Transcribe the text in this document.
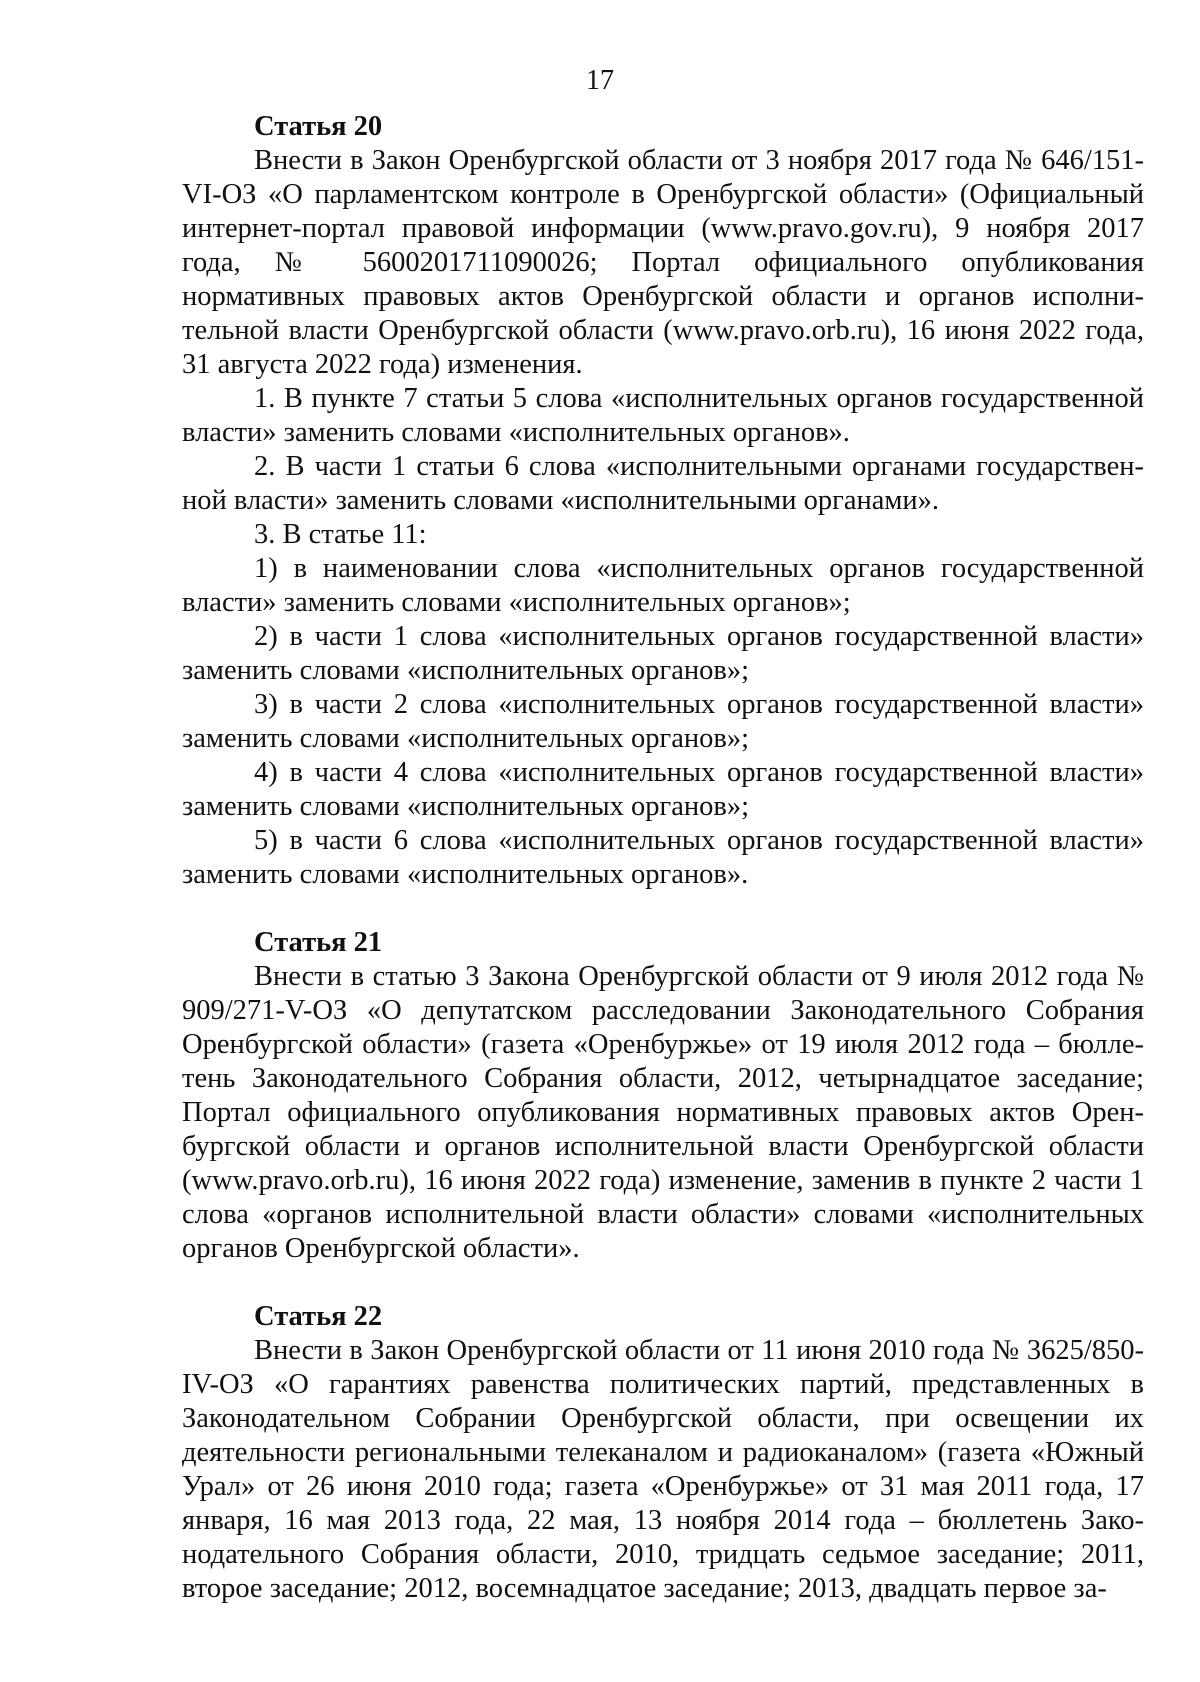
17
Статья 20

Внести в Закон Оренбургской области от 3 ноября 2017 года № 646/151-VI-ОЗ «О парламентском контроле в Оренбургской области» (Официальный интернет-портал правовой информации (www.pravo.gov.ru), 9 ноября 2017 года, № 5600201711090026; Портал официального опубликования нормативных правовых актов Оренбургской области и органов исполнительной власти Оренбургской области (www.pravo.orb.ru), 16 июня 2022 года, 31 августа 2022 года) изменения.

1. В пункте 7 статьи 5 слова «исполнительных органов государственной власти» заменить словами «исполнительных органов».

2. В части 1 статьи 6 слова «исполнительными органами государственной власти» заменить словами «исполнительными органами».

3. В статье 11:

1) в наименовании слова «исполнительных органов государственной власти» заменить словами «исполнительных органов»;

2) в части 1 слова «исполнительных органов государственной власти» заменить словами «исполнительных органов»;

3) в части 2 слова «исполнительных органов государственной власти» заменить словами «исполнительных органов»;

4) в части 4 слова «исполнительных органов государственной власти» заменить словами «исполнительных органов»;

5) в части 6 слова «исполнительных органов государственной власти» заменить словами «исполнительных органов».

Статья 21

Внести в статью 3 Закона Оренбургской области от 9 июля 2012 года № 909/271-V-ОЗ «О депутатском расследовании Законодательного Собрания Оренбургской области» (газета «Оренбуржье» от 19 июля 2012 года – бюллетень Законодательного Собрания области, 2012, четырнадцатое заседание; Портал официального опубликования нормативных правовых актов Оренбургской области и органов исполнительной власти Оренбургской области (www.pravo.orb.ru), 16 июня 2022 года) изменение, заменив в пункте 2 части 1 слова «органов исполнительной власти области» словами «исполнительных органов Оренбургской области».

Статья 22

Внести в Закон Оренбургской области от 11 июня 2010 года № 3625/850-IV-ОЗ «О гарантиях равенства политических партий, представленных в Законодательном Собрании Оренбургской области, при освещении их деятельности региональными телеканалом и радиоканалом» (газета «Южный Урал» от 26 июня 2010 года; газета «Оренбуржье» от 31 мая 2011 года, 17 января, 16 мая 2013 года, 22 мая, 13 ноября 2014 года – бюллетень Законодательного Собрания области, 2010, тридцать седьмое заседание; 2011, второе заседание; 2012, восемнадцатое заседание; 2013, двадцать первое за-
